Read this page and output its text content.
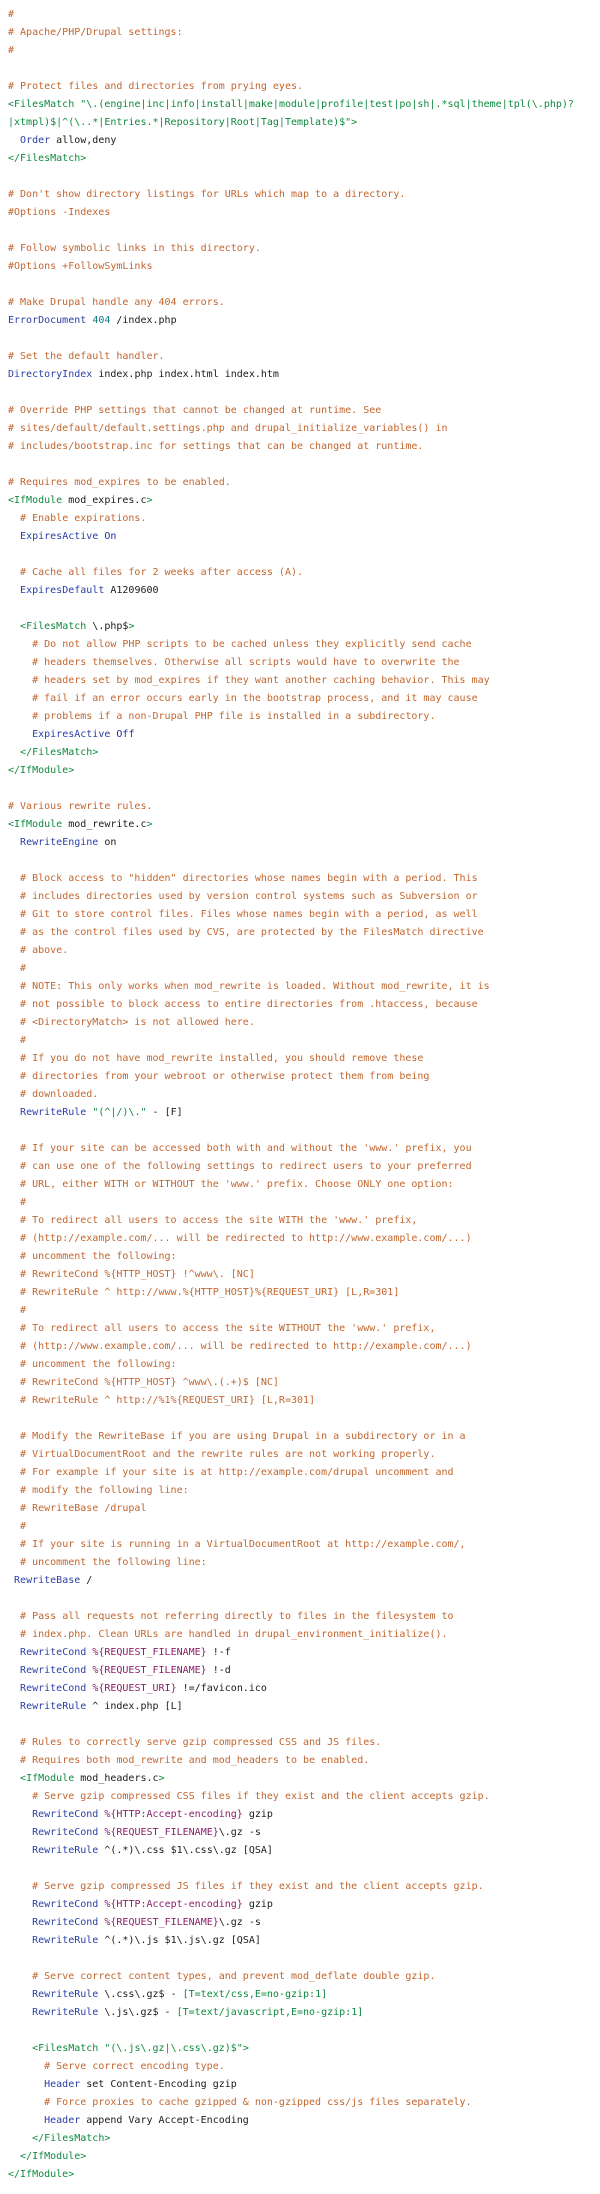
#
# Apache/PHP/Drupal settings:
#
# Protect files and directories from prying eyes.
<FilesMatch "\.(engine|inc|info|install|make|module|profile|test|po|sh|.*sql|theme|tpl(\.php)?
|xtmpl)$|^(\..*|Entries.*|Repository|Root|Tag|Template)$">
Order allow,deny
</FilesMatch>
# Don't show directory listings for URLs which map to a directory.
#Options -Indexes
# Follow symbolic links in this directory.
#Options +FollowSymLinks
# Make Drupal handle any 404 errors.
ErrorDocument 404 /index.php
# Set the default handler.
DirectoryIndex index.php index.html index.htm
# Override PHP settings that cannot be changed at runtime. See
# sites/default/default.settings.php and drupal_initialize_variables() in
# includes/bootstrap.inc for settings that can be changed at runtime.
# Requires mod_expires to be enabled.
<IfModule mod_expires.c>
# Enable expirations.
ExpiresActive On
# Cache all files for 2 weeks after access (A).
ExpiresDefault A1209600
<FilesMatch \.php$>
# Do not allow PHP scripts to be cached unless they explicitly send cache
# headers themselves. Otherwise all scripts would have to overwrite the
# headers set by mod_expires if they want another caching behavior. This may
# fail if an error occurs early in the bootstrap process, and it may cause
# problems if a non-Drupal PHP file is installed in a subdirectory.
ExpiresActive Off
</FilesMatch>
</IfModule>
# Various rewrite rules.
<IfModule mod_rewrite.c>
RewriteEngine on
# Block access to "hidden" directories whose names begin with a period. This
# includes directories used by version control systems such as Subversion or
# Git to store control files. Files whose names begin with a period, as well
# as the control files used by CVS, are protected by the FilesMatch directive
# above.
#
# NOTE: This only works when mod_rewrite is loaded. Without mod_rewrite, it is
# not possible to block access to entire directories from .htaccess, because
# <DirectoryMatch> is not allowed here.
#
# If you do not have mod_rewrite installed, you should remove these
# directories from your webroot or otherwise protect them from being
# downloaded.
RewriteRule "(^|/)\." - [F]
# If your site can be accessed both with and without the 'www.' prefix, you
# can use one of the following settings to redirect users to your preferred
# URL, either WITH or WITHOUT the 'www.' prefix. Choose ONLY one option:
#
# To redirect all users to access the site WITH the 'www.' prefix,
# (http://example.com/... will be redirected to http://www.example.com/...)
# uncomment the following:
# RewriteCond %{HTTP_HOST} !^www\. [NC]
# RewriteRule ^ http://www.%{HTTP_HOST}%{REQUEST_URI} [L,R=301]
#
# To redirect all users to access the site WITHOUT the 'www.' prefix,
# (http://www.example.com/... will be redirected to http://example.com/...)
# uncomment the following:
# RewriteCond %{HTTP_HOST} ^www\.(.+)$ [NC]
# RewriteRule ^ http://%1%{REQUEST_URI} [L,R=301]
# Modify the RewriteBase if you are using Drupal in a subdirectory or in a
# VirtualDocumentRoot and the rewrite rules are not working properly.
# For example if your site is at http://example.com/drupal uncomment and
# modify the following line:
# RewriteBase /drupal
#
# If your site is running in a VirtualDocumentRoot at http://example.com/,
# uncomment the following line:
RewriteBase /
# Pass all requests not referring directly to files in the filesystem to
# index.php. Clean URLs are handled in drupal_environment_initialize().
RewriteCond %{REQUEST_FILENAME} !-f
RewriteCond %{REQUEST_FILENAME} !-d
RewriteCond %{REQUEST_URI} !=/favicon.ico
RewriteRule ^ index.php [L]
# Rules to correctly serve gzip compressed CSS and JS files.
# Requires both mod_rewrite and mod_headers to be enabled.
<IfModule mod_headers.c>
# Serve gzip compressed CSS files if they exist and the client accepts gzip.
RewriteCond %{HTTP:Accept-encoding} gzip
RewriteCond %{REQUEST_FILENAME}\.gz -s
RewriteRule ^(.*)\.css $1\.css\.gz [QSA]
# Serve gzip compressed JS files if they exist and the client accepts gzip.
RewriteCond %{HTTP:Accept-encoding} gzip
RewriteCond %{REQUEST_FILENAME}\.gz -s
RewriteRule ^(.*)\.js $1\.js\.gz [QSA]
# Serve correct content types, and prevent mod_deflate double gzip.
RewriteRule \.css\.gz$ - [T=text/css,E=no-gzip:1]
RewriteRule \.js\.gz$ - [T=text/javascript,E=no-gzip:1]
<FilesMatch "(\.js\.gz|\.css\.gz)$">
# Serve correct encoding type.
Header set Content-Encoding gzip
# Force proxies to cache gzipped & non-gzipped css/js files separately.
Header append Vary Accept-Encoding
</FilesMatch>
</IfModule>
</IfModule>
